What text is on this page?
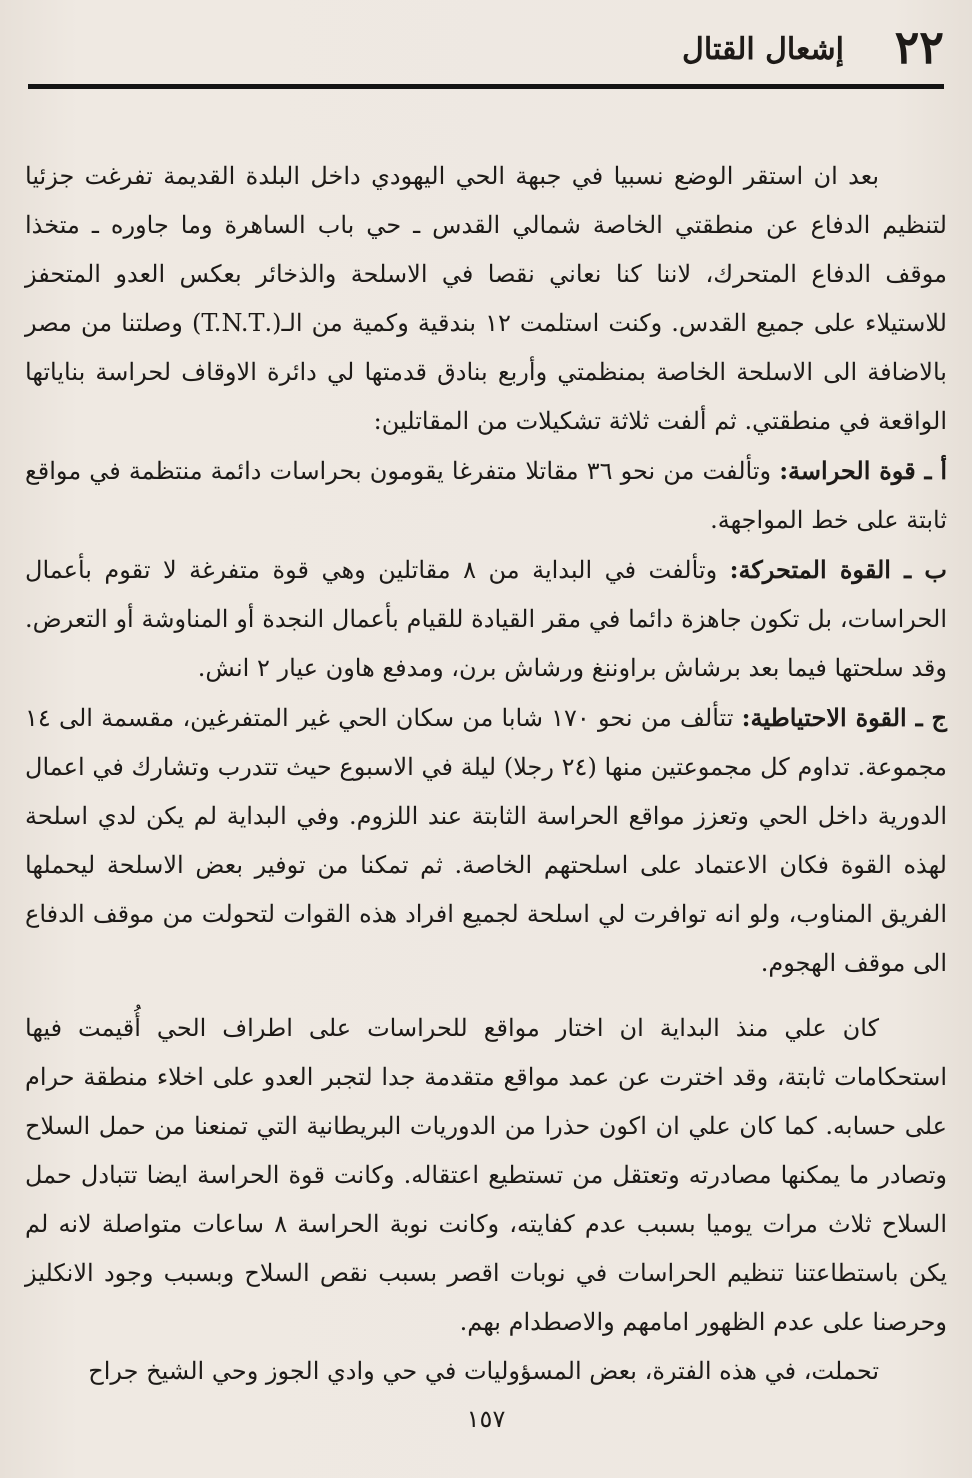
٢٢
إشعال القتال

بعد ان استقر الوضع نسبيا في جبهة الحي اليهودي داخل البلدة القديمة تفرغت جزئيا لتنظيم الدفاع عن منطقتي الخاصة شمالي القدس ـ حي باب الساهرة وما جاوره ـ متخذا موقف الدفاع المتحرك، لاننا كنا نعاني نقصا في الاسلحة والذخائر بعكس العدو المتحفز للاستيلاء على جميع القدس. وكنت استلمت ١٢ بندقية وكمية من الـ(.T.N.T) وصلتنا من مصر بالاضافة الى الاسلحة الخاصة بمنظمتي وأربع بنادق قدمتها لي دائرة الاوقاف لحراسة بناياتها الواقعة في منطقتي. ثم ألفت ثلاثة تشكيلات من المقاتلين:

أ ـ قوة الحراسة: وتألفت من نحو ٣٦ مقاتلا متفرغا يقومون بحراسات دائمة منتظمة في مواقع ثابتة على خط المواجهة.

ب ـ القوة المتحركة: وتألفت في البداية من ٨ مقاتلين وهي قوة متفرغة لا تقوم بأعمال الحراسات، بل تكون جاهزة دائما في مقر القيادة للقيام بأعمال النجدة أو المناوشة أو التعرض. وقد سلحتها فيما بعد برشاش براوننغ ورشاش برن، ومدفع هاون عيار ٢ انش.

ج ـ القوة الاحتياطية: تتألف من نحو ١٧٠ شابا من سكان الحي غير المتفرغين، مقسمة الى ١٤ مجموعة. تداوم كل مجموعتين منها (٢٤ رجلا) ليلة في الاسبوع حيث تتدرب وتشارك في اعمال الدورية داخل الحي وتعزز مواقع الحراسة الثابتة عند اللزوم. وفي البداية لم يكن لدي اسلحة لهذه القوة فكان الاعتماد على اسلحتهم الخاصة. ثم تمكنا من توفير بعض الاسلحة ليحملها الفريق المناوب، ولو انه توافرت لي اسلحة لجميع افراد هذه القوات لتحولت من موقف الدفاع الى موقف الهجوم.

كان علي منذ البداية ان اختار مواقع للحراسات على اطراف الحي أُقيمت فيها استحكامات ثابتة، وقد اخترت عن عمد مواقع متقدمة جدا لتجبر العدو على اخلاء منطقة حرام على حسابه. كما كان علي ان اكون حذرا من الدوريات البريطانية التي تمنعنا من حمل السلاح وتصادر ما يمكنها مصادرته وتعتقل من تستطيع اعتقاله. وكانت قوة الحراسة ايضا تتبادل حمل السلاح ثلاث مرات يوميا بسبب عدم كفايته، وكانت نوبة الحراسة ٨ ساعات متواصلة لانه لم يكن باستطاعتنا تنظيم الحراسات في نوبات اقصر بسبب نقص السلاح وبسبب وجود الانكليز وحرصنا على عدم الظهور امامهم والاصطدام بهم.

تحملت، في هذه الفترة، بعض المسؤوليات في حي وادي الجوز وحي الشيخ جراح

١٥٧
